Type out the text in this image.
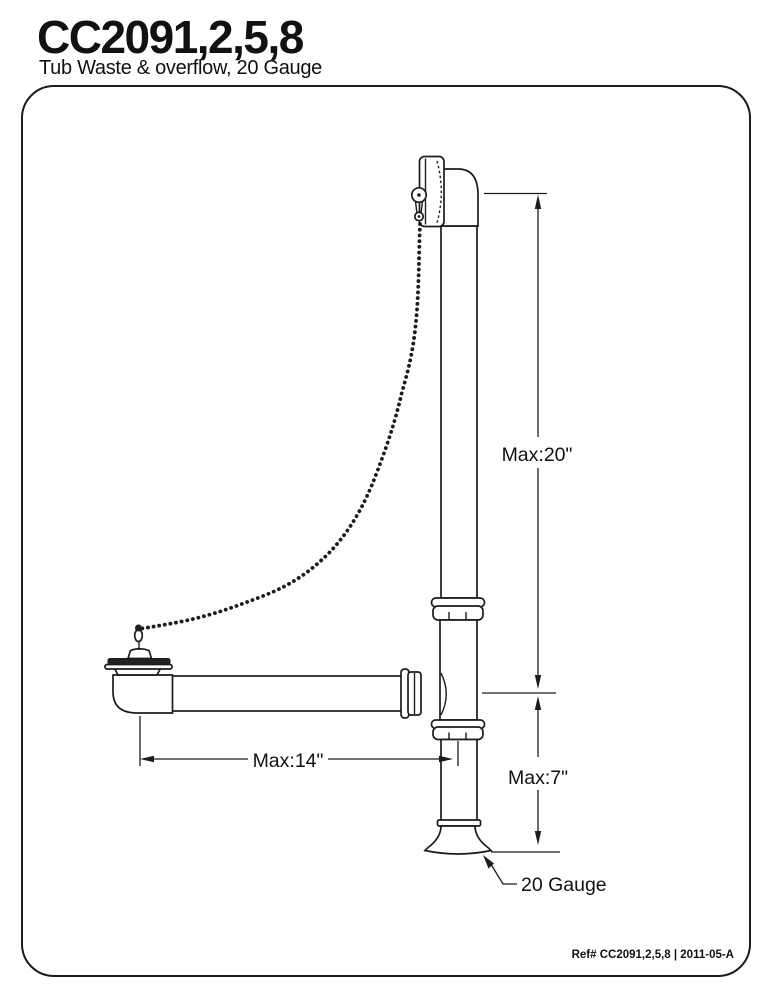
CC2091,2,5,8
Tub Waste & overflow, 20 Gauge
Max:20"
Max:7"
Max:14"
20 Gauge
Ref# CC2091,2,5,8 | 2011-05-A
